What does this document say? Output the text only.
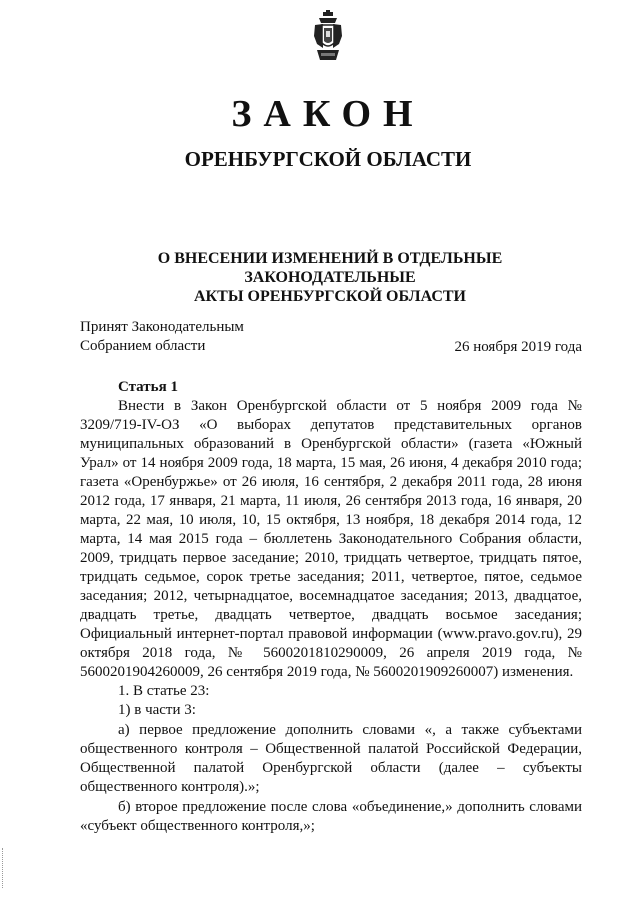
ЗАКОН
ОРЕНБУРГСКОЙ ОБЛАСТИ
О ВНЕСЕНИИ ИЗМЕНЕНИЙ В ОТДЕЛЬНЫЕ ЗАКОНОДАТЕЛЬНЫЕ
АКТЫ ОРЕНБУРГСКОЙ ОБЛАСТИ
Принят Законодательным
Собранием области	26 ноября 2019 года

Статья 1

Внести в Закон Оренбургской области от 5 ноября 2009 года № 3209/719-IV-ОЗ «О выборах депутатов представительных органов муниципальных образований в Оренбургской области» (газета «Южный Урал» от 14 ноября 2009 года, 18 марта, 15 мая, 26 июня, 4 декабря 2010 года; газета «Оренбуржье» от 26 июля, 16 сентября, 2 декабря 2011 года, 28 июня 2012 года, 17 января, 21 марта, 11 июля, 26 сентября 2013 года, 16 января, 20 марта, 22 мая, 10 июля, 10, 15 октября, 13 ноября, 18 декабря 2014 года, 12 марта, 14 мая 2015 года – бюллетень Законодательного Собрания области, 2009, тридцать первое заседание; 2010, тридцать четвертое, тридцать пятое, тридцать седьмое, сорок третье заседания; 2011, четвертое, пятое, седьмое заседания; 2012, четырнадцатое, восемнадцатое заседания; 2013, двадцатое, двадцать третье, двадцать четвертое, двадцать восьмое заседания; Официальный интернет-портал правовой информации (www.pravo.gov.ru), 29 октября 2018 года, № 5600201810290009, 26 апреля 2019 года, № 5600201904260009, 26 сентября 2019 года, № 5600201909260007) изменения.

1. В статье 23:

1) в части 3:

а) первое предложение дополнить словами «, а также субъектами общественного контроля – Общественной палатой Российской Федерации, Общественной палатой Оренбургской области (далее – субъекты общественного контроля).»;

б) второе предложение после слова «объединение,» дополнить словами «субъект общественного контроля,»;
